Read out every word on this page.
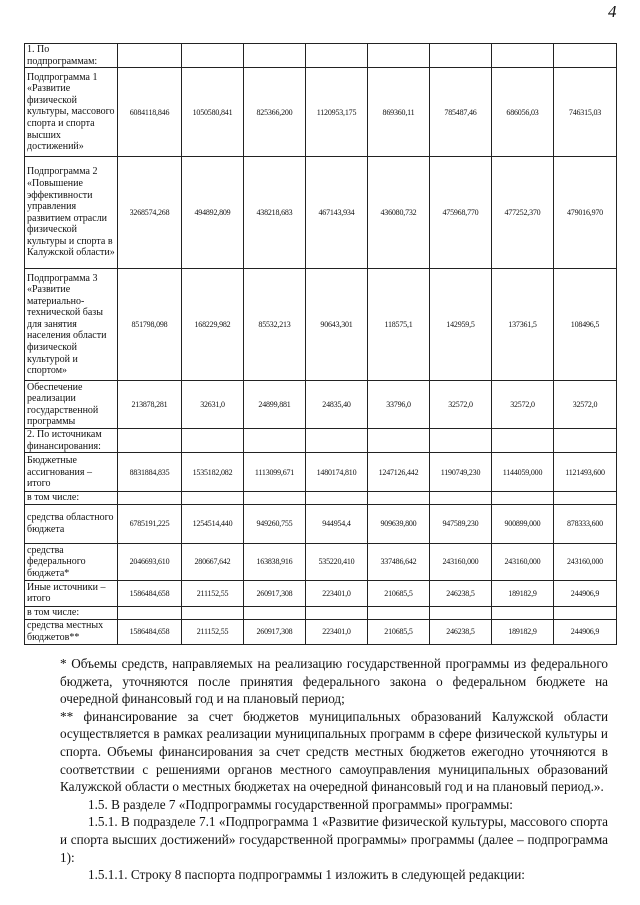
4
1. По подпрограммам:								
Подпрограмма 1 «Развитие физической культуры, массового спорта и спорта высших достижений»	6084118,846	1050580,841	825366,200	1120953,175	869360,11	785487,46	686056,03	746315,03
Подпрограмма 2 «Повышение эффективности управления развитием отрасли физической культуры и спорта в Калужской области»	3268574,268	494892,809	438218,683	467143,934	436080,732	475968,770	477252,370	479016,970
Подпрограмма 3 «Развитие материально-технической базы для занятия населения области физической культурой и спортом»	851798,098	168229,982	85532,213	90643,301	118575,1	142959,5	137361,5	108496,5
Обеспечение реализации государственной программы	213878,281	32631,0	24899,881	24835,40	33796,0	32572,0	32572,0	32572,0
2. По источникам финансирования:								
Бюджетные ассигнования – итого	8831884,835	1535182,082	1113099,671	1480174,810	1247126,442	1190749,230	1144059,000	1121493,600
в том числе:								
средства областного бюджета	6785191,225	1254514,440	949260,755	944954,4	909639,800	947589,230	900899,000	878333,600
средства федерального бюджета*	2046693,610	280667,642	163838,916	535220,410	337486,642	243160,000	243160,000	243160,000
Иные источники – итого	1586484,658	211152,55	260917,308	223401,0	210685,5	246238,5	189182,9	244906,9
в том числе:								
средства местных бюджетов**	1586484,658	211152,55	260917,308	223401,0	210685,5	246238,5	189182,9	244906,9

* Объемы средств, направляемых на реализацию государственной программы из федерального бюджета, уточняются после принятия федерального закона о федеральном бюджете на очередной финансовый год и на плановый период;

** финансирование за счет бюджетов муниципальных образований Калужской области осуществляется в рамках реализации муниципальных программ в сфере физической культуры и спорта. Объемы финансирования за счет средств местных бюджетов ежегодно уточняются в соответствии с решениями органов местного самоуправления муниципальных образований Калужской области о местных бюджетах на очередной финансовый год и на плановый период.».

1.5. В разделе 7 «Подпрограммы государственной программы» программы:

1.5.1. В подразделе 7.1 «Подпрограмма 1 «Развитие физической культуры, массового спорта и спорта высших достижений» государственной программы» программы (далее – подпрограмма 1):

1.5.1.1. Строку 8 паспорта подпрограммы 1 изложить в следующей редакции:
